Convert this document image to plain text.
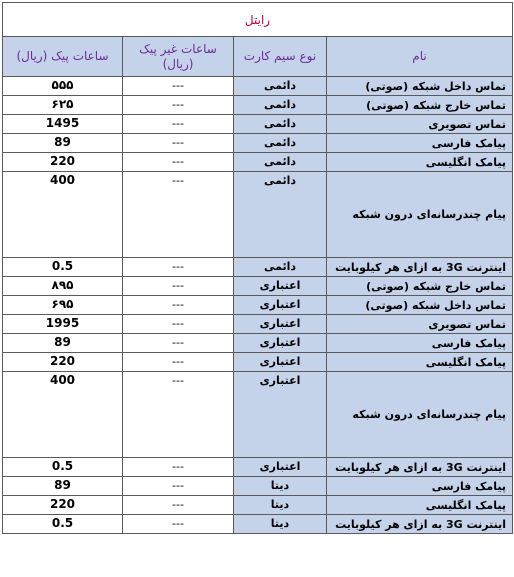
رایتل			
نام	نوع سیم کارت	ساعات غیر پیک (ریال)	ساعات پیک (ریال)
تماس داخل شبکه (صوتی)	دائمی	---	۵۵۵
تماس خارج شبکه (صوتی)	دائمی	---	۶۲۵
تماس تصویری	دائمی	---	1495
پیامک فارسی	دائمی	---	89
پیامک انگلیسی	دائمی	---	220
پیام چندرسانه‌ای درون شبکه	دائمی	---	400
اینترنت 3G به ازای هر کیلوبایت	دائمی	---	0.5
تماس خارج شبکه (صوتی)	اعتباری	---	۸۹۵
تماس داخل شبکه (صوتی)	اعتباری	---	۶۹۵
تماس تصویری	اعتباری	---	1995
پیامک فارسی	اعتباری	---	89
پیامک انگلیسی	اعتباری	---	220
پیام چندرسانه‌ای درون شبکه	اعتباری	---	400
اینترنت 3G به ازای هر کیلوبایت	اعتباری	---	0.5
پیامک فارسی	دیتا	---	89
پیامک انگلیسی	دیتا	---	220
اینترنت 3G به ازای هر کیلوبایت	دیتا	---	0.5
